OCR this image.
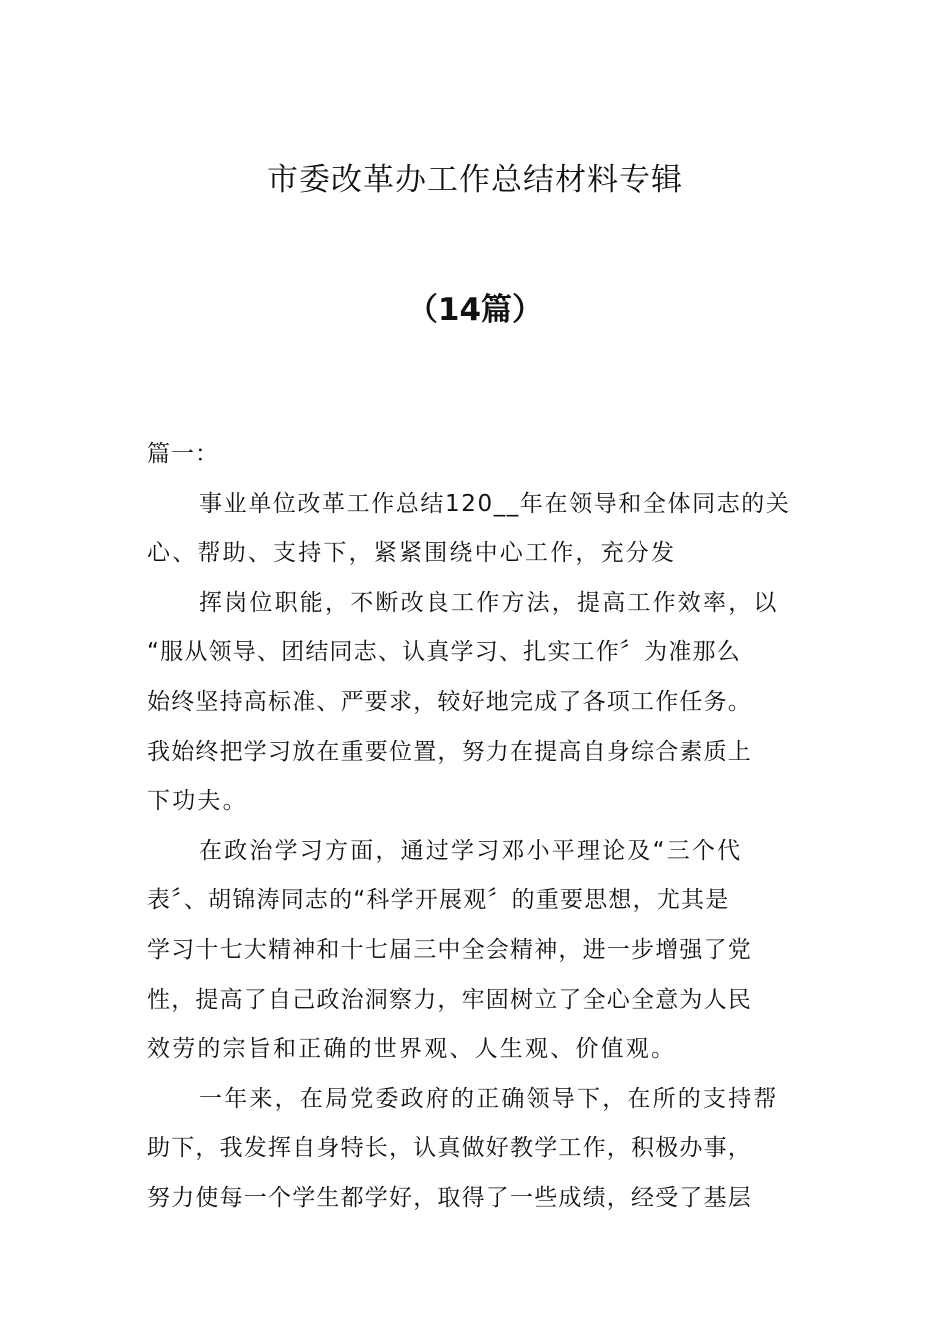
市委改革办工作总结材料专辑
（14篇）
篇一：
事业单位改革工作总结120__年在领导和全体同志的关
心、帮助、支持下，紧紧围绕中心工作，充分发
挥岗位职能，不断改良工作方法，提高工作效率，以
“服从领导、团结同志、认真学习、扎实工作〞为准那么
始终坚持高标准、严要求，较好地完成了各项工作任务。
我始终把学习放在重要位置，努力在提高自身综合素质上
下功夫。
在政治学习方面，通过学习邓小平理论及“三个代
表〞、胡锦涛同志的“科学开展观〞的重要思想，尤其是
学习十七大精神和十七届三中全会精神，进一步增强了党
性，提高了自己政治洞察力，牢固树立了全心全意为人民
效劳的宗旨和正确的世界观、人生观、价值观。
一年来，在局党委政府的正确领导下，在所的支持帮
助下，我发挥自身特长，认真做好教学工作，积极办事，
努力使每一个学生都学好，取得了一些成绩，经受了基层
